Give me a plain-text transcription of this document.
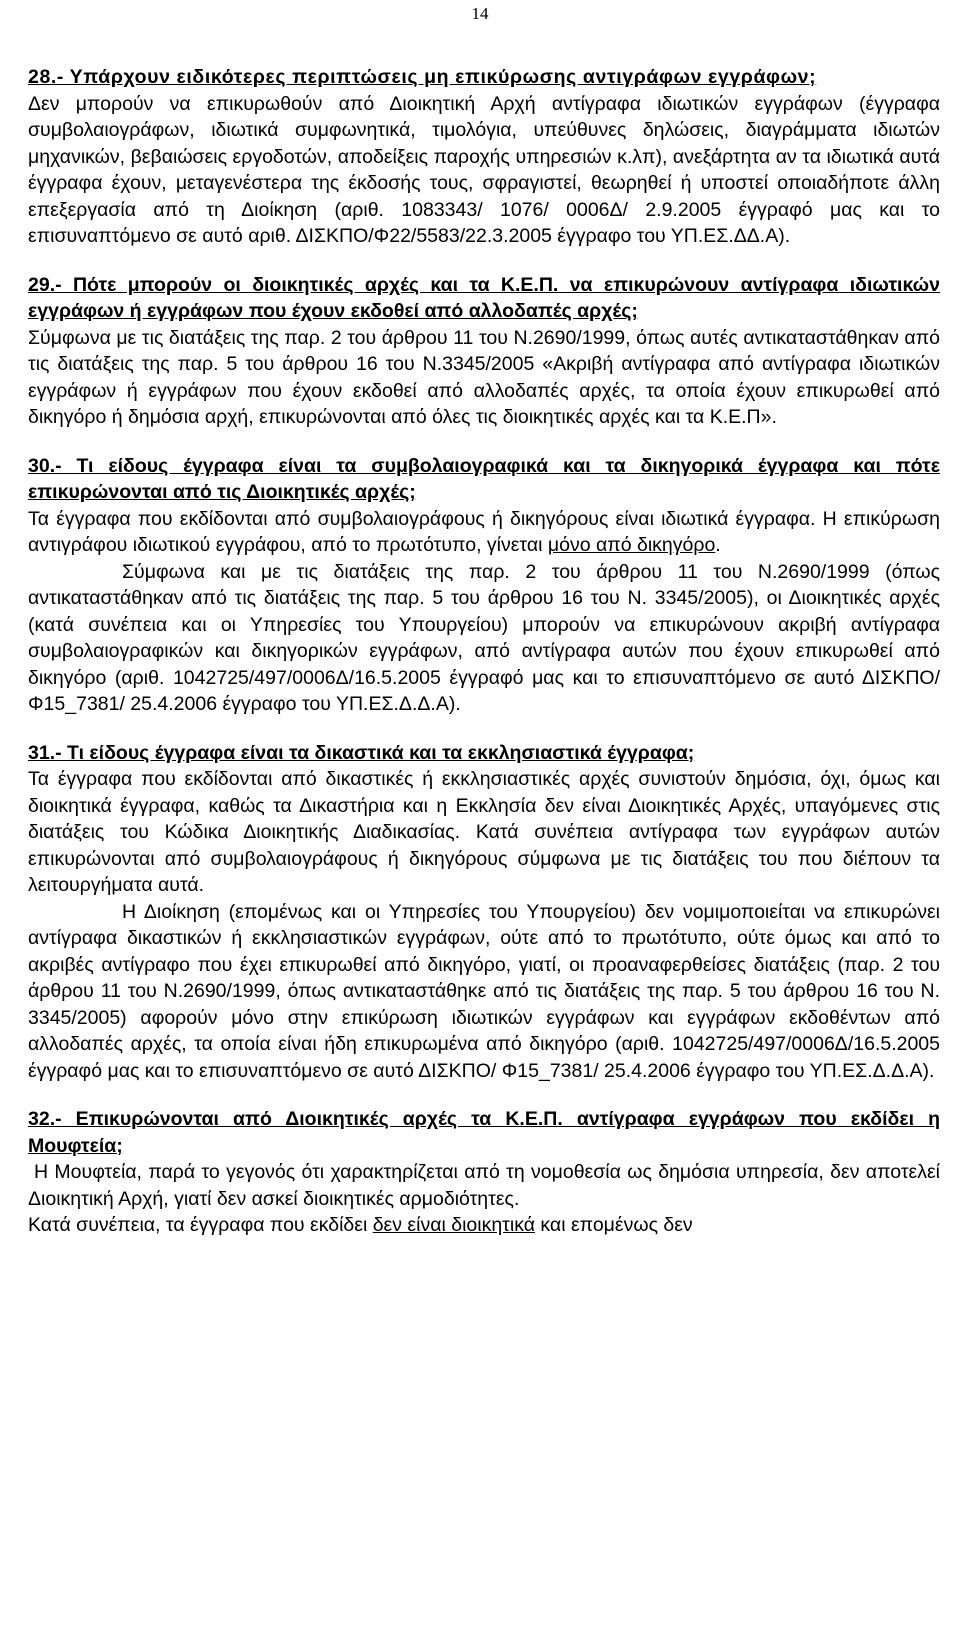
14

28.- Υπάρχουν ειδικότερες περιπτώσεις μη επικύρωσης αντιγράφων εγγράφων;

Δεν μπορούν να επικυρωθούν από Διοικητική Αρχή αντίγραφα ιδιωτικών εγγράφων (έγγραφα συμβολαιογράφων, ιδιωτικά συμφωνητικά, τιμολόγια, υπεύθυνες δηλώσεις, διαγράμματα ιδιωτών μηχανικών, βεβαιώσεις εργοδοτών, αποδείξεις παροχής υπηρεσιών κ.λπ), ανεξάρτητα αν τα ιδιωτικά αυτά έγγραφα έχουν, μεταγενέστερα της έκδοσής τους, σφραγιστεί, θεωρηθεί ή υποστεί οποιαδήποτε άλλη επεξεργασία από τη Διοίκηση (αριθ. 1083343/ 1076/ 0006Δ/ 2.9.2005 έγγραφό μας και το επισυναπτόμενο σε αυτό αριθ. ΔΙΣΚΠΟ/Φ22/5583/22.3.2005 έγγραφο του ΥΠ.ΕΣ.ΔΔ.Α).

29.- Πότε μπορούν οι διοικητικές αρχές και τα Κ.Ε.Π. να επικυρώνουν αντίγραφα ιδιωτικών εγγράφων ή εγγράφων που έχουν εκδοθεί από αλλοδαπές αρχές;

Σύμφωνα με τις διατάξεις της παρ. 2 του άρθρου 11 του Ν.2690/1999, όπως αυτές αντικαταστάθηκαν από τις διατάξεις της παρ. 5 του άρθρου 16 του Ν.3345/2005 «Ακριβή αντίγραφα από αντίγραφα ιδιωτικών εγγράφων ή εγγράφων που έχουν εκδοθεί από αλλοδαπές αρχές, τα οποία έχουν επικυρωθεί από δικηγόρο ή δημόσια αρχή, επικυρώνονται από όλες τις διοικητικές αρχές και τα Κ.Ε.Π».

30.- Τι είδους έγγραφα είναι τα συμβολαιογραφικά και τα δικηγορικά έγγραφα και πότε επικυρώνονται από τις Διοικητικές αρχές;

Τα έγγραφα που εκδίδονται από συμβολαιογράφους ή δικηγόρους είναι ιδιωτικά έγγραφα. Η επικύρωση αντιγράφου ιδιωτικού εγγράφου, από το πρωτότυπο, γίνεται μόνο από δικηγόρο.

Σύμφωνα και με τις διατάξεις της παρ. 2 του άρθρου 11 του Ν.2690/1999 (όπως αντικαταστάθηκαν από τις διατάξεις της παρ. 5 του άρθρου 16 του Ν. 3345/2005), οι Διοικητικές αρχές (κατά συνέπεια και οι Υπηρεσίες του Υπουργείου) μπορούν να επικυρώνουν ακριβή αντίγραφα συμβολαιογραφικών και δικηγορικών εγγράφων, από αντίγραφα αυτών που έχουν επικυρωθεί από δικηγόρο (αριθ. 1042725/497/0006Δ/16.5.2005 έγγραφό μας και το επισυναπτόμενο σε αυτό ΔΙΣΚΠΟ/ Φ15_7381/ 25.4.2006 έγγραφο του ΥΠ.ΕΣ.Δ.Δ.Α).

31.- Τι είδους έγγραφα είναι τα δικαστικά και τα εκκλησιαστικά έγγραφα;

Τα έγγραφα που εκδίδονται από δικαστικές ή εκκλησιαστικές αρχές συνιστούν δημόσια, όχι, όμως και διοικητικά έγγραφα, καθώς τα Δικαστήρια και η Εκκλησία δεν είναι Διοικητικές Αρχές, υπαγόμενες στις διατάξεις του Κώδικα Διοικητικής Διαδικασίας. Κατά συνέπεια αντίγραφα των εγγράφων αυτών επικυρώνονται από συμβολαιογράφους ή δικηγόρους σύμφωνα με τις διατάξεις του που διέπουν τα λειτουργήματα αυτά.

Η Διοίκηση (επομένως και οι Υπηρεσίες του Υπουργείου) δεν νομιμοποιείται να επικυρώνει αντίγραφα δικαστικών ή εκκλησιαστικών εγγράφων, ούτε από το πρωτότυπο, ούτε όμως και από το ακριβές αντίγραφο που έχει επικυρωθεί από δικηγόρο, γιατί, οι προαναφερθείσες διατάξεις (παρ. 2 του άρθρου 11 του Ν.2690/1999, όπως αντικαταστάθηκε από τις διατάξεις της παρ. 5 του άρθρου 16 του Ν. 3345/2005) αφορούν μόνο στην επικύρωση ιδιωτικών εγγράφων και εγγράφων εκδοθέντων από αλλοδαπές αρχές, τα οποία είναι ήδη επικυρωμένα από δικηγόρο (αριθ. 1042725/497/0006Δ/16.5.2005 έγγραφό μας και το επισυναπτόμενο σε αυτό ΔΙΣΚΠΟ/ Φ15_7381/ 25.4.2006 έγγραφο του ΥΠ.ΕΣ.Δ.Δ.Α).

32.- Επικυρώνονται από Διοικητικές αρχές τα Κ.Ε.Π. αντίγραφα εγγράφων που εκδίδει η Μουφτεία;

Η Μουφτεία, παρά το γεγονός ότι χαρακτηρίζεται από τη νομοθεσία ως δημόσια υπηρεσία, δεν αποτελεί Διοικητική Αρχή, γιατί δεν ασκεί διοικητικές αρμοδιότητες.

Κατά συνέπεια, τα έγγραφα που εκδίδει δεν είναι διοικητικά και επομένως δεν
